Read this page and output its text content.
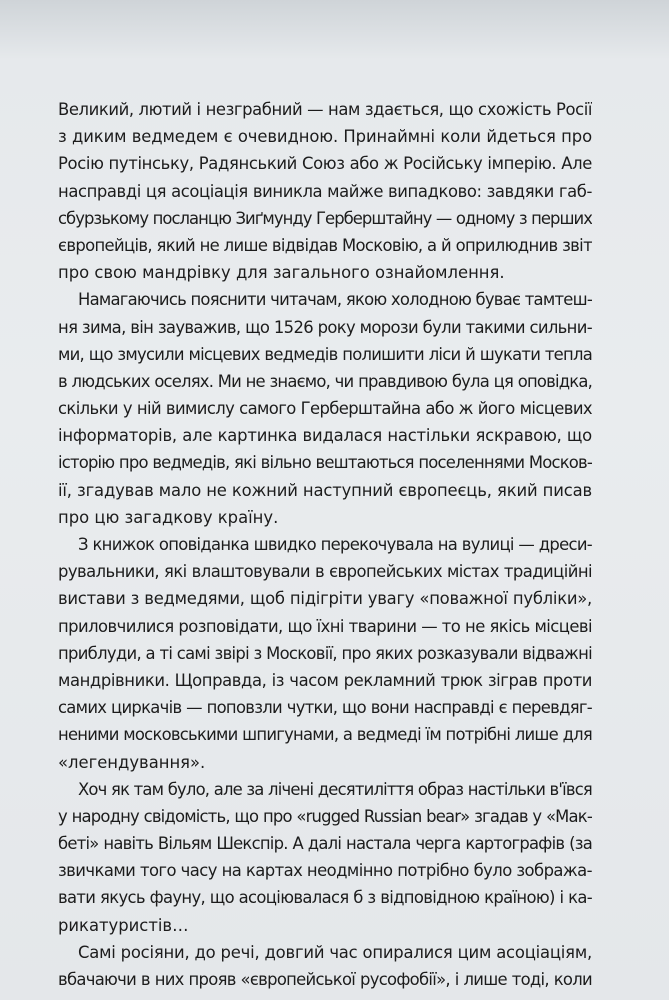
Великий, лютий і незграбний — нам здається, що схожість Росії
з диким ведмедем є очевидною. Принаймні коли йдеться про
Росію путінську, Радянський Союз або ж Російську імперію. Але
насправді ця асоціація виникла майже випадково: завдяки габ-
сбурзькому посланцю Зиґмунду Герберштайну — одному з перших
європейців, який не лише відвідав Московію, а й оприлюднив звіт
про свою мандрівку для загального ознайомлення.

Намагаючись пояснити читачам, якою холодною буває тамтеш-
ня зима, він зауважив, що 1526 року морози були такими сильни-
ми, що змусили місцевих ведмедів полишити ліси й шукати тепла
в людських оселях. Ми не знаємо, чи правдивою була ця оповідка,
скільки у ній вимислу самого Герберштайна або ж його місцевих
інформаторів, але картинка видалася настільки яскравою, що
історію про ведмедів, які вільно вештаються поселеннями Москов-
ії, згадував мало не кожний наступний європеєць, який писав
про цю загадкову країну.

З книжок оповіданка швидко перекочувала на вулиці — дреси-
рувальники, які влаштовували в європейських містах традиційні
вистави з ведмедями, щоб підігріти увагу «поважної публіки»,
приловчилися розповідати, що їхні тварини — то не якісь місцеві
приблуди, а ті самі звірі з Московії, про яких розказували відважні
мандрівники. Щоправда, із часом рекламний трюк зіграв проти
самих циркачів — поповзли чутки, що вони насправді є перевдяг-
неними московськими шпигунами, а ведмеді їм потрібні лише для
«легендування».

Хоч як там було, але за лічені десятиліття образ настільки в'ївся
у народну свідомість, що про «rugged Russian bear» згадав у «Мак-
беті» навіть Вільям Шекспір. А далі настала черга картографів (за
звичками того часу на картах неодмінно потрібно було зобража-
вати якусь фауну, що асоціювалася б з відповідною країною) і ка-
рикатуристів…

Самі росіяни, до речі, довгий час опиралися цим асоціаціям,
вбачаючи в них прояв «європейської русофобії», і лише тоді, коли
